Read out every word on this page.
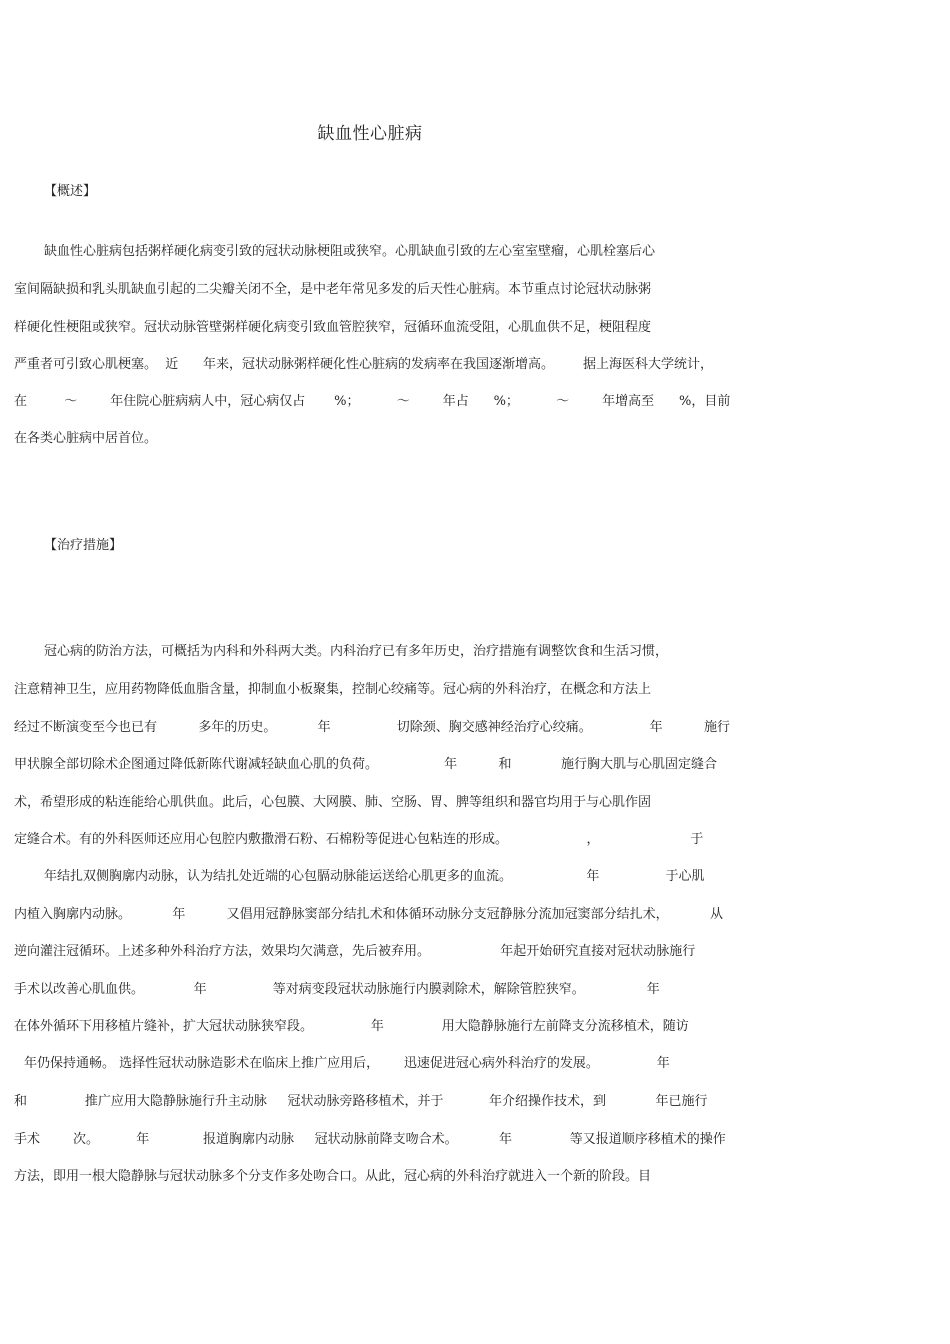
缺血性心脏病
【概述】
缺血性心脏病包括粥样硬化病变引致的冠状动脉梗阻或狭窄。心肌缺血引致的左心室室壁瘤，心肌栓塞后心
室间隔缺损和乳头肌缺血引起的二尖瓣关闭不全，是中老年常见多发的后天性心脏病。本节重点讨论冠状动脉粥
样硬化性梗阻或狭窄。冠状动脉管壁粥样硬化病变引致血管腔狭窄，冠循环血流受阻，心肌血供不足，梗阻程度
严重者可引致心肌梗塞。  近      年来，冠状动脉粥样硬化性心脏病的发病率在我国逐渐增高。       据上海医科大学统计，
在         ～        年住院心脏病病人中，冠心病仅占       %；         ～        年占      %；         ～        年增高至      %，目前
在各类心脏病中居首位。
【治疗措施】
冠心病的防治方法，可概括为内科和外科两大类。内科治疗已有多年历史，治疗措施有调整饮食和生活习惯，
注意精神卫生，应用药物降低血脂含量，抑制血小板聚集，控制心绞痛等。冠心病的外科治疗，在概念和方法上
经过不断演变至今也已有          多年的历史。          年                切除颈、胸交感神经治疗心绞痛。              年          施行
甲状腺全部切除术企图通过降低新陈代谢减轻缺血心肌的负荷。                年          和            施行胸大肌与心肌固定缝合
术，希望形成的粘连能给心肌供血。此后，心包膜、大网膜、肺、空肠、胃、脾等组织和器官均用于与心肌作固
定缝合术。有的外科医师还应用心包腔内敷撒滑石粉、石棉粉等促进心包粘连的形成。                   ，                      于
年结扎双侧胸廓内动脉，认为结扎处近端的心包膈动脉能运送给心肌更多的血流。                  年                于心肌
内植入胸廓内动脉。          年          又倡用冠静脉窦部分结扎术和体循环动脉分支冠静脉分流加冠窦部分结扎术，          从
逆向灌注冠循环。上述多种外科治疗方法，效果均欠满意，先后被弃用。                 年起开始研究直接对冠状动脉施行
手术以改善心肌血供。            年                等对病变段冠状动脉施行内膜剥除术，解除管腔狭窄。               年
在体外循环下用移植片缝补，扩大冠状动脉狭窄段。              年              用大隐静脉施行左前降支分流移植术，随访
年仍保持通畅。 选择性冠状动脉造影术在临床上推广应用后，      迅速促进冠心病外科治疗的发展。              年
和              推广应用大隐静脉施行升主动脉     冠状动脉旁路移植术，并于           年介绍操作技术，到            年已施行
手术        次。         年             报道胸廓内动脉     冠状动脉前降支吻合术。          年              等又报道顺序移植术的操作
方法，即用一根大隐静脉与冠状动脉多个分支作多处吻合口。从此，冠心病的外科治疗就进入一个新的阶段。目
